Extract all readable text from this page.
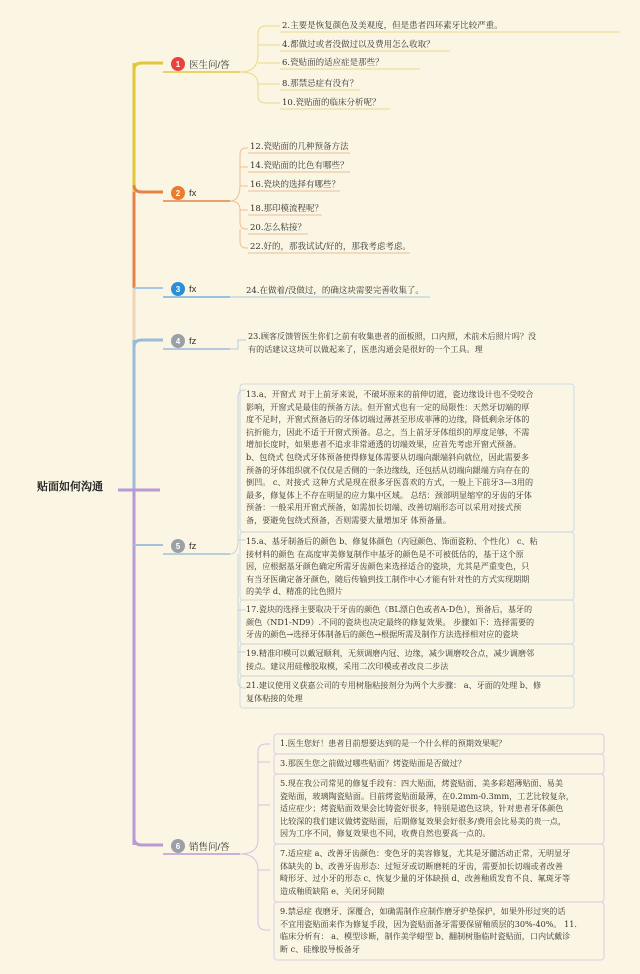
贴面如何沟通
1 医生问/答
2.主要是恢复颜色及美观度，但是患者四环素牙比较严重。
4.都做过或者没做过以及费用怎么收取？
6.瓷贴面的适应症是那些？
8.那禁忌症有没有？
10.瓷贴面的临床分析呢？
2 fx
12.瓷贴面的几种预备方法
14.瓷贴面的比色有哪些？
16.瓷块的选择有哪些？
18.那印模流程呢？
20.怎么粘接？
22.好的，那我试试/好的，那我考虑考虑。
3 fx	24.在做着/没做过，的确这块需要完善收集了。
4 fz	23.顾客反馈管医生你们之前有收集患者的面板照，口内照，术前术后照片吗？没

有的话建议这块可以做起来了，医患沟通会是很好的一个工具。理

5 fz

13.a、开窗式 对于上前牙来说，不破坏原来的前伸切道，瓷边缘设计也不受咬合

影响，开窗式是最佳的预备方法。但开窗式也有一定的局限性：天然牙切端的厚

度不足时，开窗式预备后的牙体切端过薄甚至形成菲薄的边缘，降低剩余牙体的

抗折能力，因此不适于开窗式预备。总之，当上前牙牙体组织的厚度足够，不需

增加长度时，如果患者不追求非常通透的切端效果，应首先考虑开窗式预备。

b、包绕式 包绕式牙体预备使得修复体需要从切端向龈端斜向就位，因此需要多

预备的牙体组织就不仅仅是舌侧的一条边缘线，还包括从切端向龈端方向存在的

倒凹。 c、对接式 这种方式是现在很多牙医喜欢的方式，一般上下前牙3—3用的

最多，修复体上不存在明显的应力集中区域。 总结：颈部明显缩窄的牙齿的牙体

预备：一般采用开窗式预备，如需加长切端、改善切端形态可以采用对接式预

备，要避免包绕式预备，否则需要大量增加牙 体预备量。

15.a、基牙制备后的颜色 b、修复体颜色（内冠颜色、饰面瓷粉、个性化） c、粘

接材料的颜色 在高度审美修复制作中基牙的颜色是不可被低估的，基于这个原

因，应根据基牙颜色确定所需牙齿颜色来选择适合的瓷块，尤其是严重变色，只

有当牙医确定备牙颜色，随后传输到技工制作中心才能有针对性的方式实现期期

的美学 d、精准的比色照片

17.瓷块的选择主要取决于牙齿的颜色（BL漂白色或者A-D色），预备后，基牙的

颜色（ND1-ND9）.不同的瓷块也决定最终的修复效果。 步骤如下：选择需要的

牙齿的颜色→选择牙体制备后的颜色→根据所需及制作方法选择相对应的瓷块

19.精准印模可以戴冠顺利，无须调磨内冠、边缘，减少调磨咬合点，减少调磨邻

接点。建议用硅橡胶取模，采用二次印模或者改良二步法

21.建议使用义获嘉公司的专用树脂粘接剂分为两个大步骤： a、牙面的处理 b、修

复体粘接的处理

6 销售问/答

1.医生您好！患者目前想要达到的是一个什么样的预期效果呢？

3.那医生您之前做过哪些贴面？烤瓷贴面是否做过？

5.现在我公司常见的修复手段有：四大贴面，烤瓷贴面、美多彩超薄贴面、易美

瓷贴面，玻璃陶瓷贴面。目前烤瓷贴面最薄，在0.2mm-0.3mm，工艺比较复杂，

适应症少；烤瓷贴面效果会比铸瓷好很多，特别是遮色这块，针对患者牙体颜色

比较深的我们建议做烤瓷贴面，后期修复效果会好很多/费用会比易美的贵一点，

因为工序不同，修复效果也不同，收费自然也要高一点的。

7.适应症 a、改善牙齿颜色：变色牙的美容修复，尤其是牙髓活动正常，无明显牙

体缺失的 b、改善牙齿形态：过短牙或切断磨耗的牙齿，需要加长切端或者改善

畸形牙、过小牙的形态 c、恢复少量的牙体缺损 d、改善釉质发育不良、氟斑牙等

造成釉质缺陷 e、关闭牙间隙

9.禁忌症 夜磨牙、深覆合，如确需制作应制作磨牙护垫保护，如果外形过突的话

不宜用瓷贴面来作为修复手段，因为瓷贴面备牙需要保留釉质层的30%-40%。 11.

临床分析有： a、模型诊断，制作美学蜡型 b、翻制树脂临时瓷贴面，口内试戴诊

断 c、硅橡胶导板备牙
